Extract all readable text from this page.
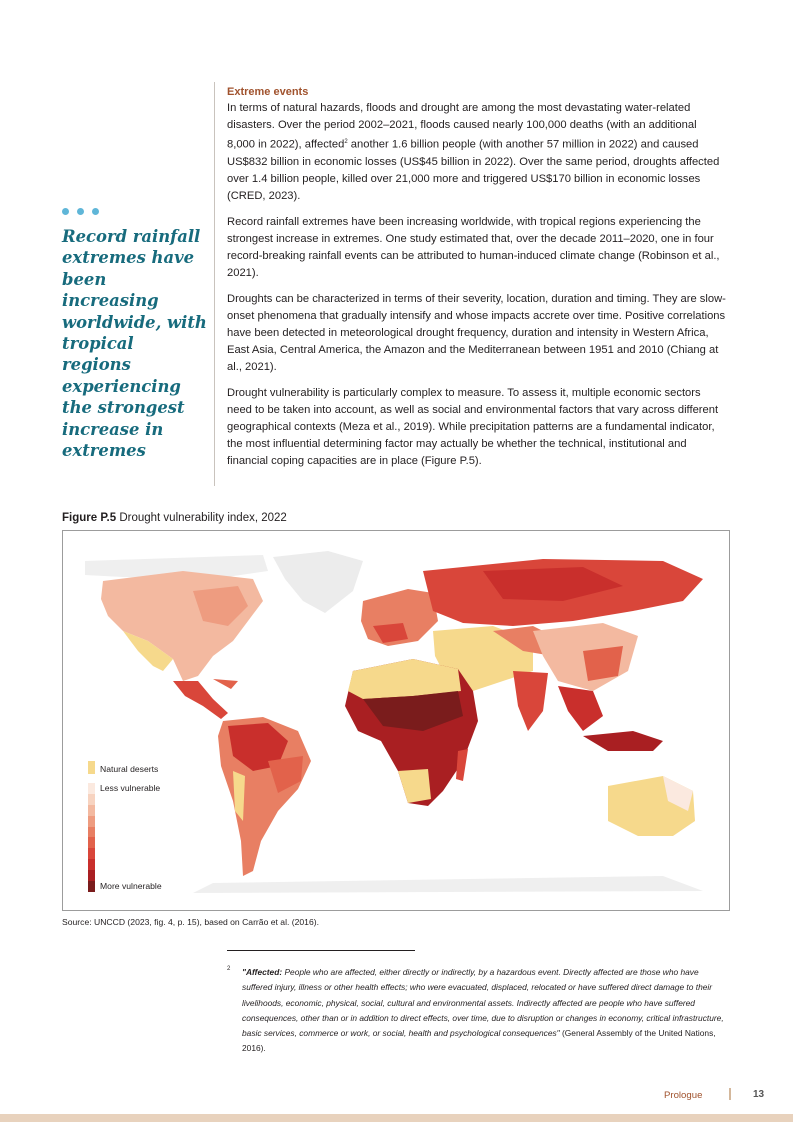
Record rainfall extremes have been increasing worldwide, with tropical regions experiencing the strongest increase in extremes

Extreme events

In terms of natural hazards, floods and drought are among the most devastating water-related disasters. Over the period 2002–2021, floods caused nearly 100,000 deaths (with an additional 8,000 in 2022), affected$^2$ another 1.6 billion people (with another 57 million in 2022) and caused US$832 billion in economic losses (US$45 billion in 2022). Over the same period, droughts affected over 1.4 billion people, killed over 21,000 more and triggered US$170 billion in economic losses (CRED, 2023).

Record rainfall extremes have been increasing worldwide, with tropical regions experiencing the strongest increase in extremes. One study estimated that, over the decade 2011–2020, one in four record-breaking rainfall events can be attributed to human-induced climate change (Robinson et al., 2021).

Droughts can be characterized in terms of their severity, location, duration and timing. They are slow-onset phenomena that gradually intensify and whose impacts accrete over time. Positive correlations have been detected in meteorological drought frequency, duration and intensity in Western Africa, East Asia, Central America, the Amazon and the Mediterranean between 1951 and 2010 (Chiang at al., 2021).

Drought vulnerability is particularly complex to measure. To assess it, multiple economic sectors need to be taken into account, as well as social and environmental factors that vary across different geographical contexts (Meza et al., 2019). While precipitation patterns are a fundamental indicator, the most influential determining factor may actually be whether the technical, institutional and financial coping capacities are in place (Figure P.5).

Figure P.5 Drought vulnerability index, 2022
Natural deserts
Less vulnerable
More vulnerable
Source: UNCCD (2023, fig. 4, p. 15), based on Carrão et al. (2016).
2 "Affected: People who are affected, either directly or indirectly, by a hazardous event. Directly affected are those who have suffered injury, illness or other health effects; who were evacuated, displaced, relocated or have suffered direct damage to their livelihoods, economic, physical, social, cultural and environmental assets. Indirectly affected are people who have suffered consequences, other than or in addition to direct effects, over time, due to disruption or changes in economy, critical infrastructure, basic services, commerce or work, or social, health and psychological consequences" (General Assembly of the United Nations, 2016).

Prologue	13
